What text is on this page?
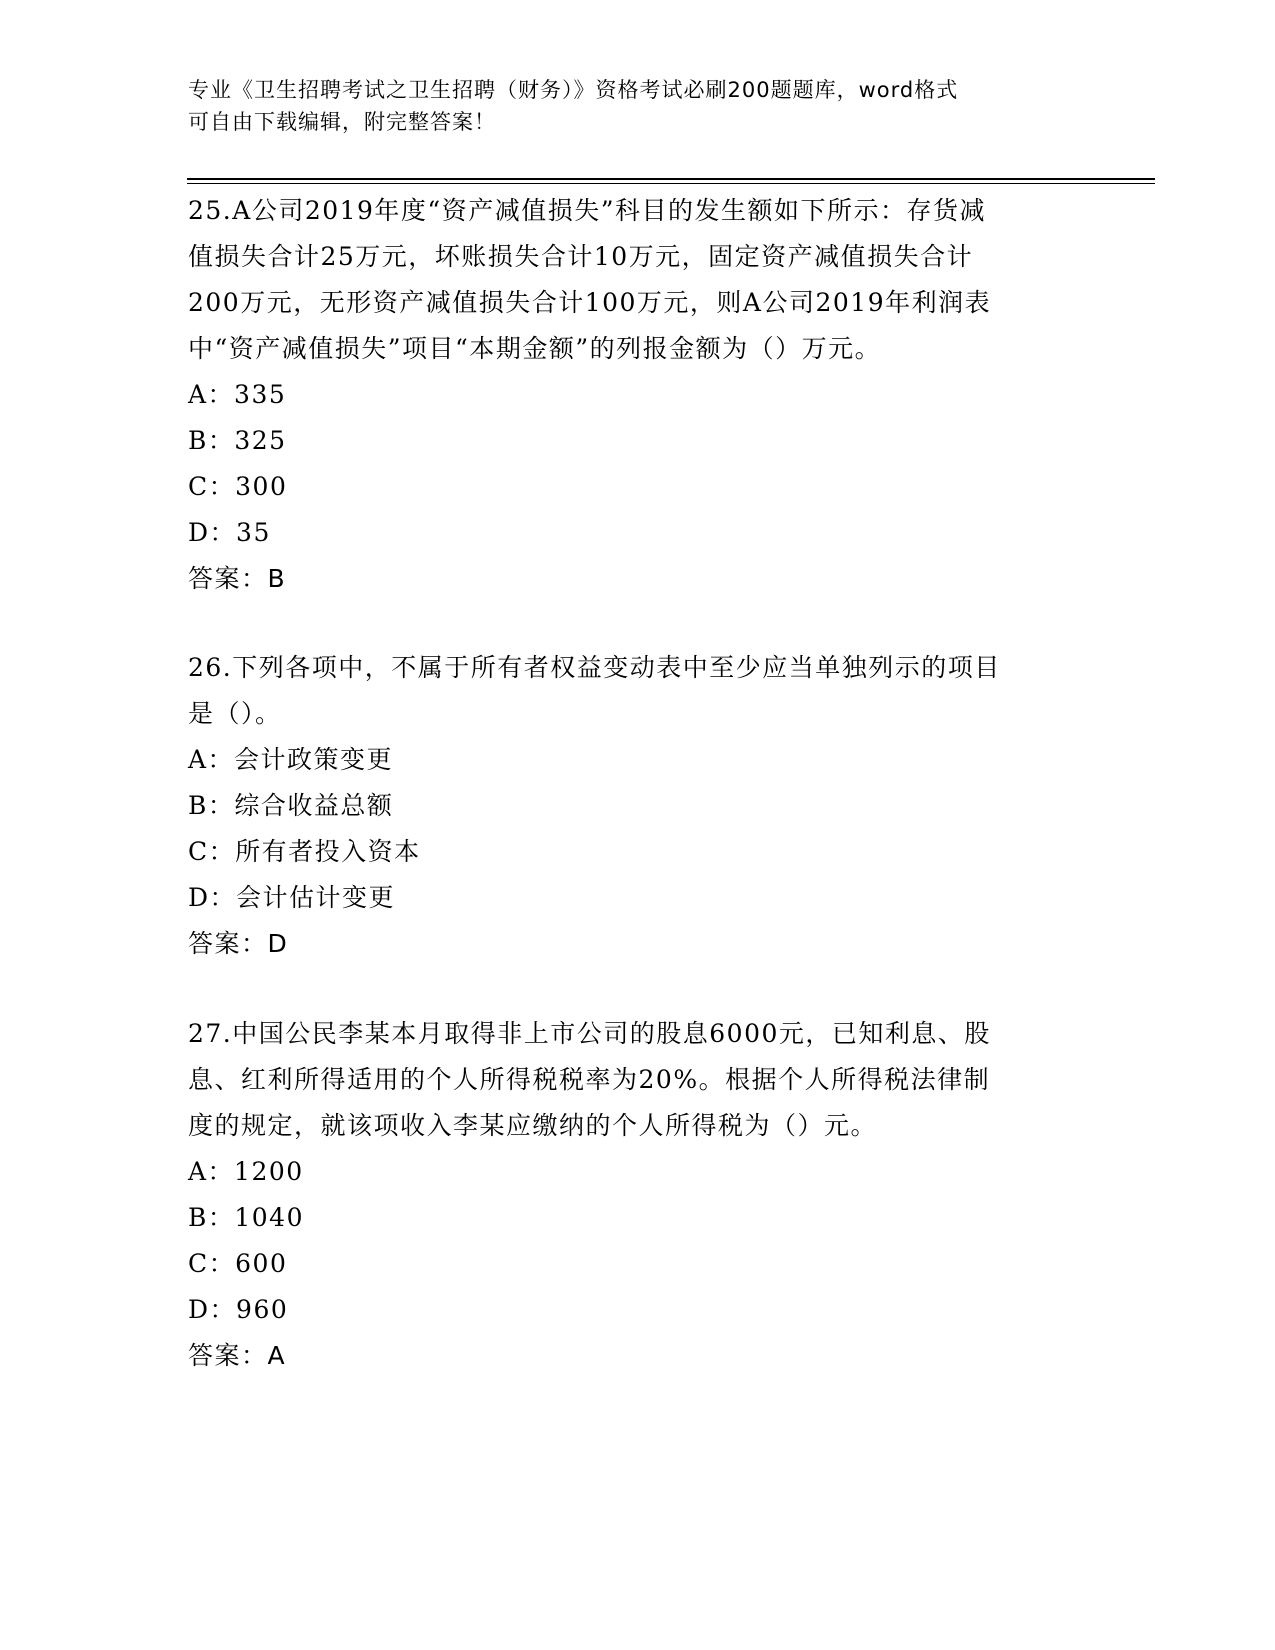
专业《卫生招聘考试之卫生招聘（财务）》资格考试必刷200题题库，word格式
可自由下载编辑，附完整答案！
25.A公司2019年度“资产减值损失”科目的发生额如下所示：存货减
值损失合计25万元，坏账损失合计10万元，固定资产减值损失合计
200万元，无形资产减值损失合计100万元，则A公司2019年利润表
中“资产减值损失”项目“本期金额”的列报金额为（）万元。
A：335
B：325
C：300
D：35
答案：B
26.下列各项中，不属于所有者权益变动表中至少应当单独列示的项目
是（）。
A：会计政策变更
B：综合收益总额
C：所有者投入资本
D：会计估计变更
答案：D
27.中国公民李某本月取得非上市公司的股息6000元，已知利息、股
息、红利所得适用的个人所得税税率为20%。根据个人所得税法律制
度的规定，就该项收入李某应缴纳的个人所得税为（）元。
A：1200
B：1040
C：600
D：960
答案：A
